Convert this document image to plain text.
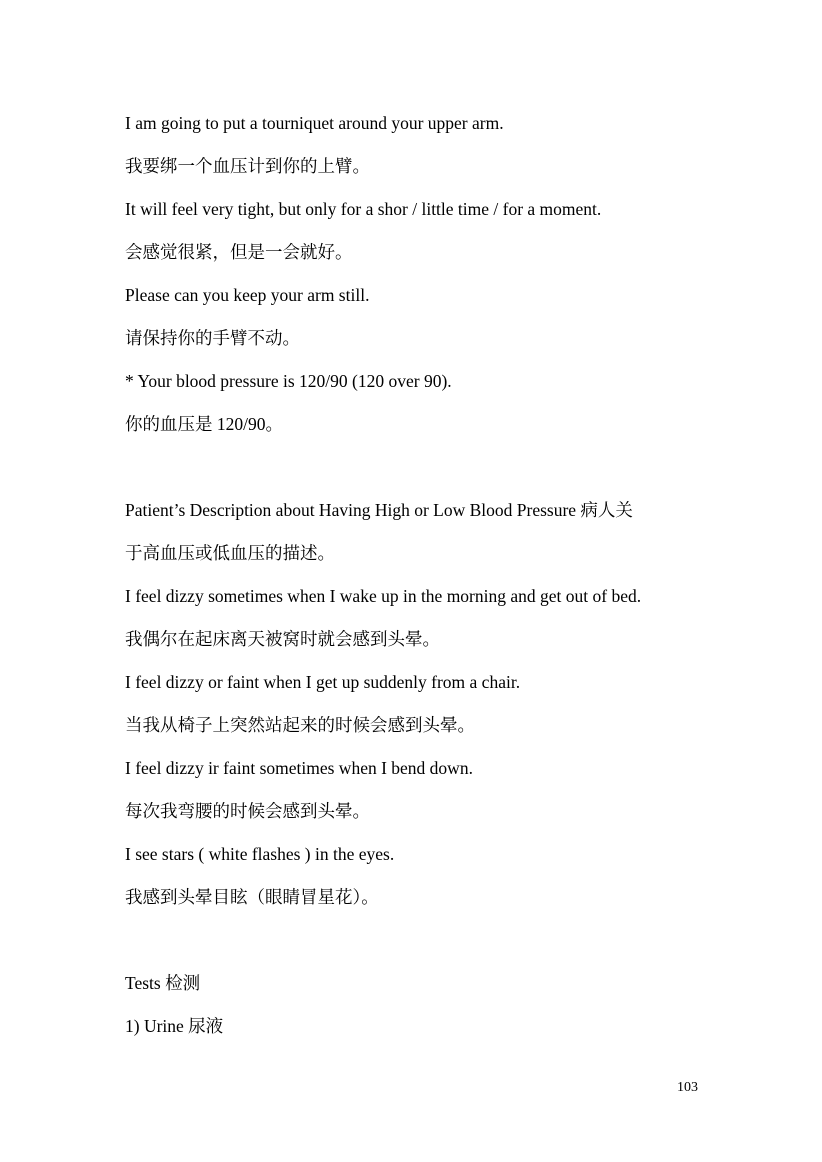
I am going to put a tourniquet around your upper arm.
我要绑一个血压计到你的上臂。
It will feel very tight, but only for a shor / little time / for a moment.
会感觉很紧，但是一会就好。
Please can you keep your arm still.
请保持你的手臂不动。
* Your blood pressure is 120/90 (120 over 90).
你的血压是 120/90。
Patient’s Description about Having High or Low Blood Pressure 病人关
于高血压或低血压的描述。
I feel dizzy sometimes when I wake up in the morning and get out of bed.
我偶尔在起床离天被窝时就会感到头晕。
I feel dizzy or faint when I get up suddenly from a chair.
当我从椅子上突然站起来的时候会感到头晕。
I feel dizzy ir faint sometimes when I bend down.
每次我弯腰的时候会感到头晕。
I see stars ( white flashes ) in the eyes.
我感到头晕目眩（眼睛冒星花）。
Tests 检测
1) Urine 尿液
103
